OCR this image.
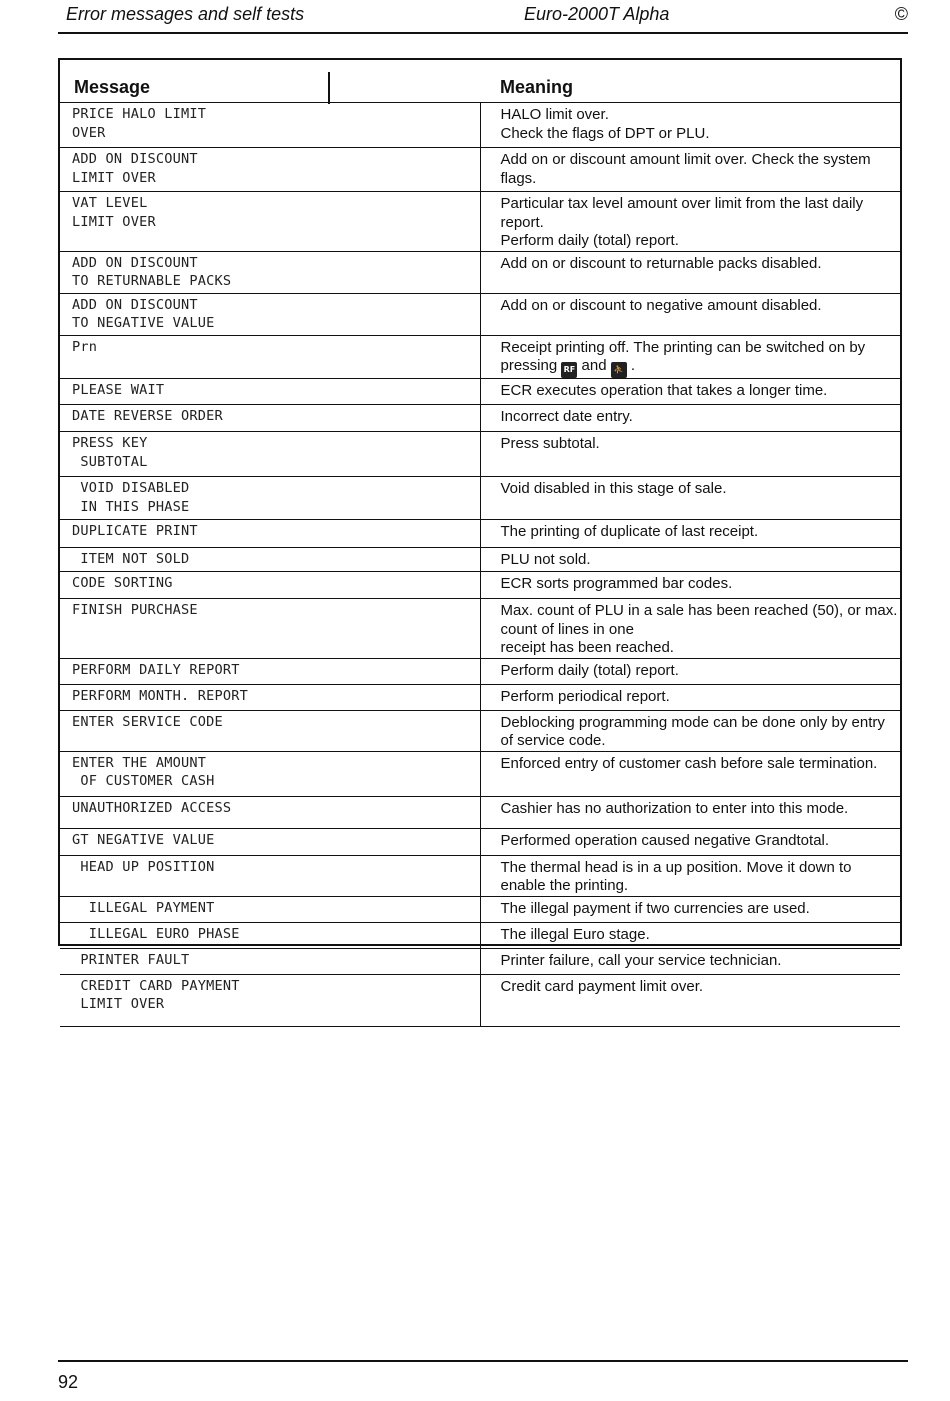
Error messages and self tests	Euro-2000T Alpha	©
Message	Meaning

PRICE HALO LIMIT
OVER	HALO limit over.
Check the flags of DPT or PLU.

ADD ON DISCOUNT
LIMIT OVER	Add on or discount amount limit over. Check the system flags.

VAT LEVEL
LIMIT OVER	Particular tax level amount over limit from the last daily report.
Perform daily (total) report.

ADD ON DISCOUNT
TO RETURNABLE PACKS	Add on or discount to returnable packs disabled.

ADD ON DISCOUNT
TO NEGATIVE VALUE	Add on or discount to negative amount disabled.

Prn	Receipt printing off. The printing can be switched on by pressing RF and ⛹ .

PLEASE WAIT	ECR executes operation that takes a longer time.

DATE REVERSE ORDER	Incorrect date entry.

PRESS KEY
SUBTOTAL	Press subtotal.

VOID DISABLED
IN THIS PHASE	Void disabled in this stage of sale.

DUPLICATE PRINT	The printing of duplicate of last receipt.

ITEM NOT SOLD	PLU not sold.

CODE SORTING	ECR sorts programmed bar codes.

FINISH PURCHASE	Max. count of PLU in a sale has been reached (50), or max. count of lines in one
receipt has been reached.

PERFORM DAILY REPORT	Perform daily (total) report.

PERFORM MONTH. REPORT	Perform periodical report.

ENTER SERVICE CODE	Deblocking programming mode can be done only by entry of service code.

ENTER THE AMOUNT
OF CUSTOMER CASH	Enforced entry of customer cash before sale termination.

UNAUTHORIZED ACCESS	Cashier has no authorization to enter into this mode.

GT NEGATIVE VALUE	Performed operation caused negative Grandtotal.

HEAD UP POSITION	The thermal head is in a up position. Move it down to enable the printing.

ILLEGAL PAYMENT	The illegal payment if two currencies are used.

ILLEGAL EURO PHASE	The illegal Euro stage.

PRINTER FAULT	Printer failure, call your service technician.

CREDIT CARD PAYMENT
LIMIT OVER	Credit card payment limit over.
92
